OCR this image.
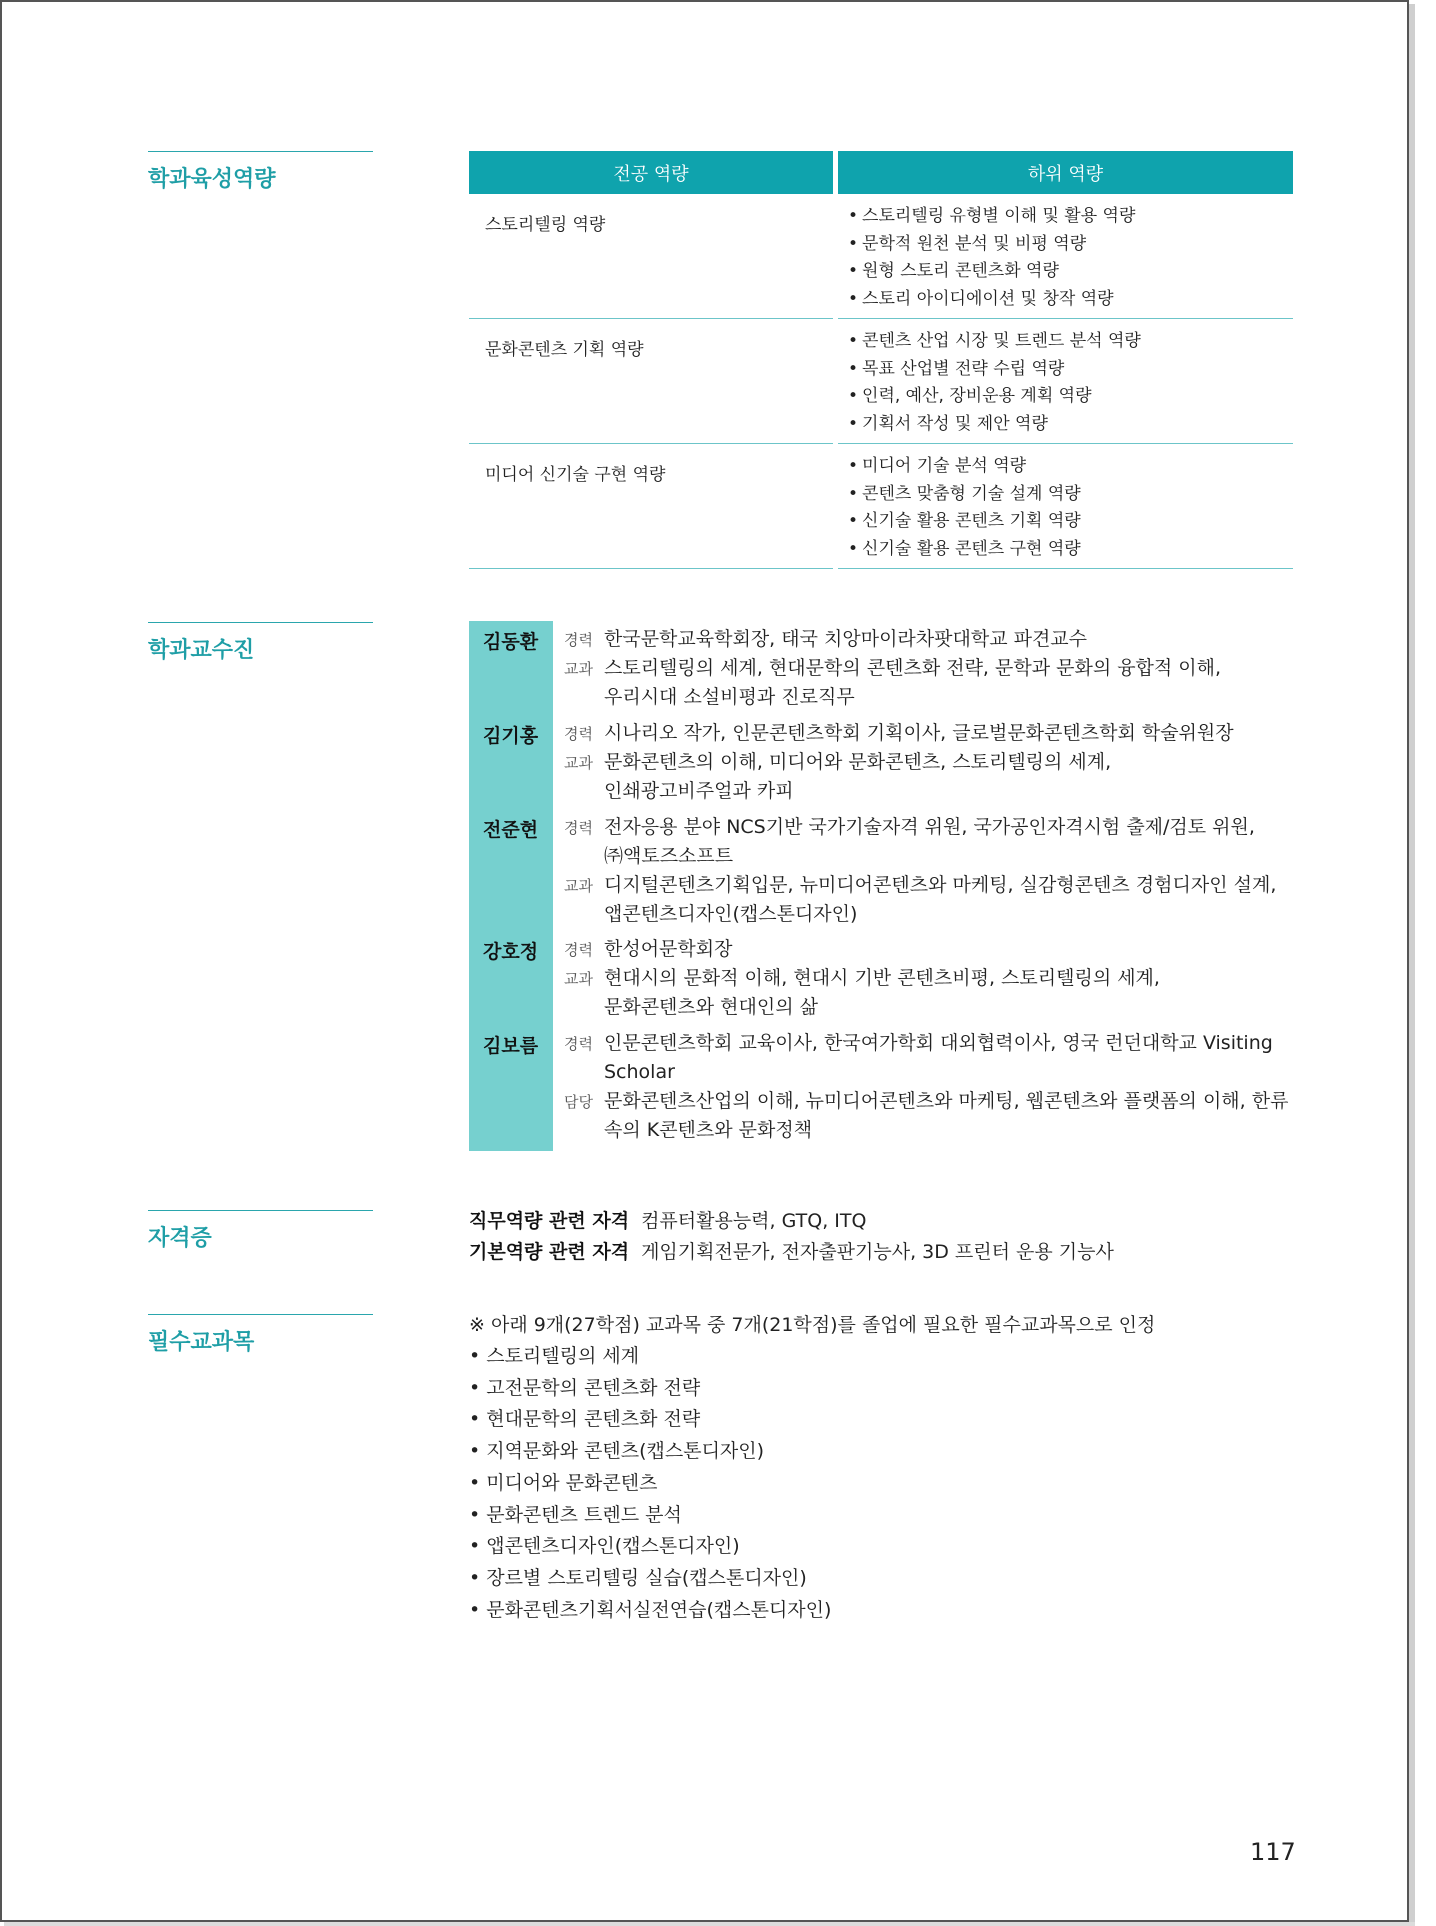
학과육성역량
학과교수진
자격증
필수교과목
전공 역량	하위 역량
스토리텔링 역량	• 스토리텔링 유형별 이해 및 활용 역량
• 문학적 원천 분석 및 비평 역량
• 원형 스토리 콘텐츠화 역량
• 스토리 아이디에이션 및 창작 역량
문화콘텐츠 기획 역량	• 콘텐츠 산업 시장 및 트렌드 분석 역량
• 목표 산업별 전략 수립 역량
• 인력, 예산, 장비운용 계획 역량
• 기획서 작성 및 제안 역량
미디어 신기술 구현 역량	• 미디어 기술 분석 역량
• 콘텐츠 맞춤형 기술 설계 역량
• 신기술 활용 콘텐츠 기획 역량
• 신기술 활용 콘텐츠 구현 역량
김동환 경력 한국문학교육학회장, 태국 치앙마이라차팟대학교 파견교수
교과 스토리텔링의 세계, 현대문학의 콘텐츠화 전략, 문학과 문화의 융합적 이해,
우리시대 소설비평과 진로직무
김기홍 경력 시나리오 작가, 인문콘텐츠학회 기획이사, 글로벌문화콘텐츠학회 학술위원장
교과 문화콘텐츠의 이해, 미디어와 문화콘텐츠, 스토리텔링의 세계,
인쇄광고비주얼과 카피
전준현 경력 전자응용 분야 NCS기반 국가기술자격 위원, 국가공인자격시험 출제/검토 위원,
㈜액토즈소프트
교과 디지털콘텐츠기획입문, 뉴미디어콘텐츠와 마케팅, 실감형콘텐츠 경험디자인 설계,
앱콘텐츠디자인(캡스톤디자인)
강호정 경력 한성어문학회장
교과 현대시의 문화적 이해, 현대시 기반 콘텐츠비평, 스토리텔링의 세계,
문화콘텐츠와 현대인의 삶
김보름 경력 인문콘텐츠학회 교육이사, 한국여가학회 대외협력이사, 영국 런던대학교 Visiting
Scholar
담당 문화콘텐츠산업의 이해, 뉴미디어콘텐츠와 마케팅, 웹콘텐츠와 플랫폼의 이해, 한류
속의 K콘텐츠와 문화정책
직무역량 관련 자격 컴퓨터활용능력, GTQ, ITQ
기본역량 관련 자격 게임기획전문가, 전자출판기능사, 3D 프린터 운용 기능사
※ 아래 9개(27학점) 교과목 중 7개(21학점)를 졸업에 필요한 필수교과목으로 인정
• 스토리텔링의 세계
• 고전문학의 콘텐츠화 전략
• 현대문학의 콘텐츠화 전략
• 지역문화와 콘텐츠(캡스톤디자인)
• 미디어와 문화콘텐츠
• 문화콘텐츠 트렌드 분석
• 앱콘텐츠디자인(캡스톤디자인)
• 장르별 스토리텔링 실습(캡스톤디자인)
• 문화콘텐츠기획서실전연습(캡스톤디자인)
117
